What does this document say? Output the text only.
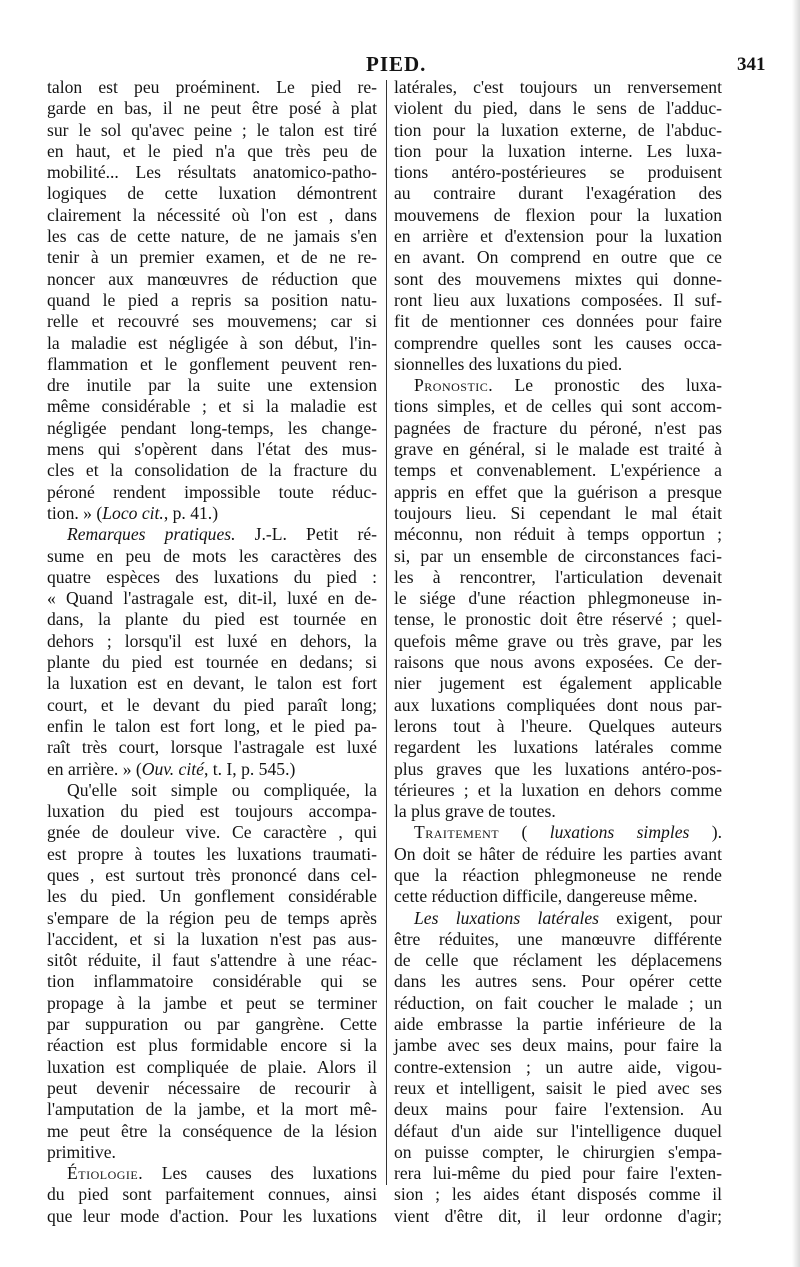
PIED.	341
talon est peu proéminent. Le pied re-
garde en bas, il ne peut être posé à plat
sur le sol qu'avec peine ; le talon est tiré
en haut, et le pied n'a que très peu de
mobilité... Les résultats anatomico-patho-
logiques de cette luxation démontrent
clairement la nécessité où l'on est , dans
les cas de cette nature, de ne jamais s'en
tenir à un premier examen, et de ne re-
noncer aux manœuvres de réduction que
quand le pied a repris sa position natu-
relle et recouvré ses mouvemens; car si
la maladie est négligée à son début, l'in-
flammation et le gonflement peuvent ren-
dre inutile par la suite une extension
même considérable ; et si la maladie est
négligée pendant long-temps, les change-
mens qui s'opèrent dans l'état des mus-
cles et la consolidation de la fracture du
péroné rendent impossible toute réduc-
tion. » (Loco cit., p. 41.)
Remarques pratiques. J.-L. Petit ré-
sume en peu de mots les caractères des
quatre espèces des luxations du pied :
« Quand l'astragale est, dit-il, luxé en de-
dans, la plante du pied est tournée en
dehors ; lorsqu'il est luxé en dehors, la
plante du pied est tournée en dedans; si
la luxation est en devant, le talon est fort
court, et le devant du pied paraît long;
enfin le talon est fort long, et le pied pa-
raît très court, lorsque l'astragale est luxé
en arrière. » (Ouv. cité, t. I, p. 545.)
Qu'elle soit simple ou compliquée, la
luxation du pied est toujours accompa-
gnée de douleur vive. Ce caractère , qui
est propre à toutes les luxations traumati-
ques , est surtout très prononcé dans cel-
les du pied. Un gonflement considérable
s'empare de la région peu de temps après
l'accident, et si la luxation n'est pas aus-
sitôt réduite, il faut s'attendre à une réac-
tion inflammatoire considérable qui se
propage à la jambe et peut se terminer
par suppuration ou par gangrène. Cette
réaction est plus formidable encore si la
luxation est compliquée de plaie. Alors il
peut devenir nécessaire de recourir à
l'amputation de la jambe, et la mort mê-
me peut être la conséquence de la lésion
primitive.
Étiologie. Les causes des luxations
du pied sont parfaitement connues, ainsi
que leur mode d'action. Pour les luxations
latérales, c'est toujours un renversement
violent du pied, dans le sens de l'adduc-
tion pour la luxation externe, de l'abduc-
tion pour la luxation interne. Les luxa-
tions antéro-postérieures se produisent
au contraire durant l'exagération des
mouvemens de flexion pour la luxation
en arrière et d'extension pour la luxation
en avant. On comprend en outre que ce
sont des mouvemens mixtes qui donne-
ront lieu aux luxations composées. Il suf-
fit de mentionner ces données pour faire
comprendre quelles sont les causes occa-
sionnelles des luxations du pied.
Pronostic. Le pronostic des luxa-
tions simples, et de celles qui sont accom-
pagnées de fracture du péroné, n'est pas
grave en général, si le malade est traité à
temps et convenablement. L'expérience a
appris en effet que la guérison a presque
toujours lieu. Si cependant le mal était
méconnu, non réduit à temps opportun ;
si, par un ensemble de circonstances faci-
les à rencontrer, l'articulation devenait
le siége d'une réaction phlegmoneuse in-
tense, le pronostic doit être réservé ; quel-
quefois même grave ou très grave, par les
raisons que nous avons exposées. Ce der-
nier jugement est également applicable
aux luxations compliquées dont nous par-
lerons tout à l'heure. Quelques auteurs
regardent les luxations latérales comme
plus graves que les luxations antéro-pos-
térieures ; et la luxation en dehors comme
la plus grave de toutes.
Traitement ( luxations simples ).
On doit se hâter de réduire les parties avant
que la réaction phlegmoneuse ne rende
cette réduction difficile, dangereuse même.
Les luxations latérales exigent, pour
être réduites, une manœuvre différente
de celle que réclament les déplacemens
dans les autres sens. Pour opérer cette
réduction, on fait coucher le malade ; un
aide embrasse la partie inférieure de la
jambe avec ses deux mains, pour faire la
contre-extension ; un autre aide, vigou-
reux et intelligent, saisit le pied avec ses
deux mains pour faire l'extension. Au
défaut d'un aide sur l'intelligence duquel
on puisse compter, le chirurgien s'empa-
rera lui-même du pied pour faire l'exten-
sion ; les aides étant disposés comme il
vient d'être dit, il leur ordonne d'agir;
